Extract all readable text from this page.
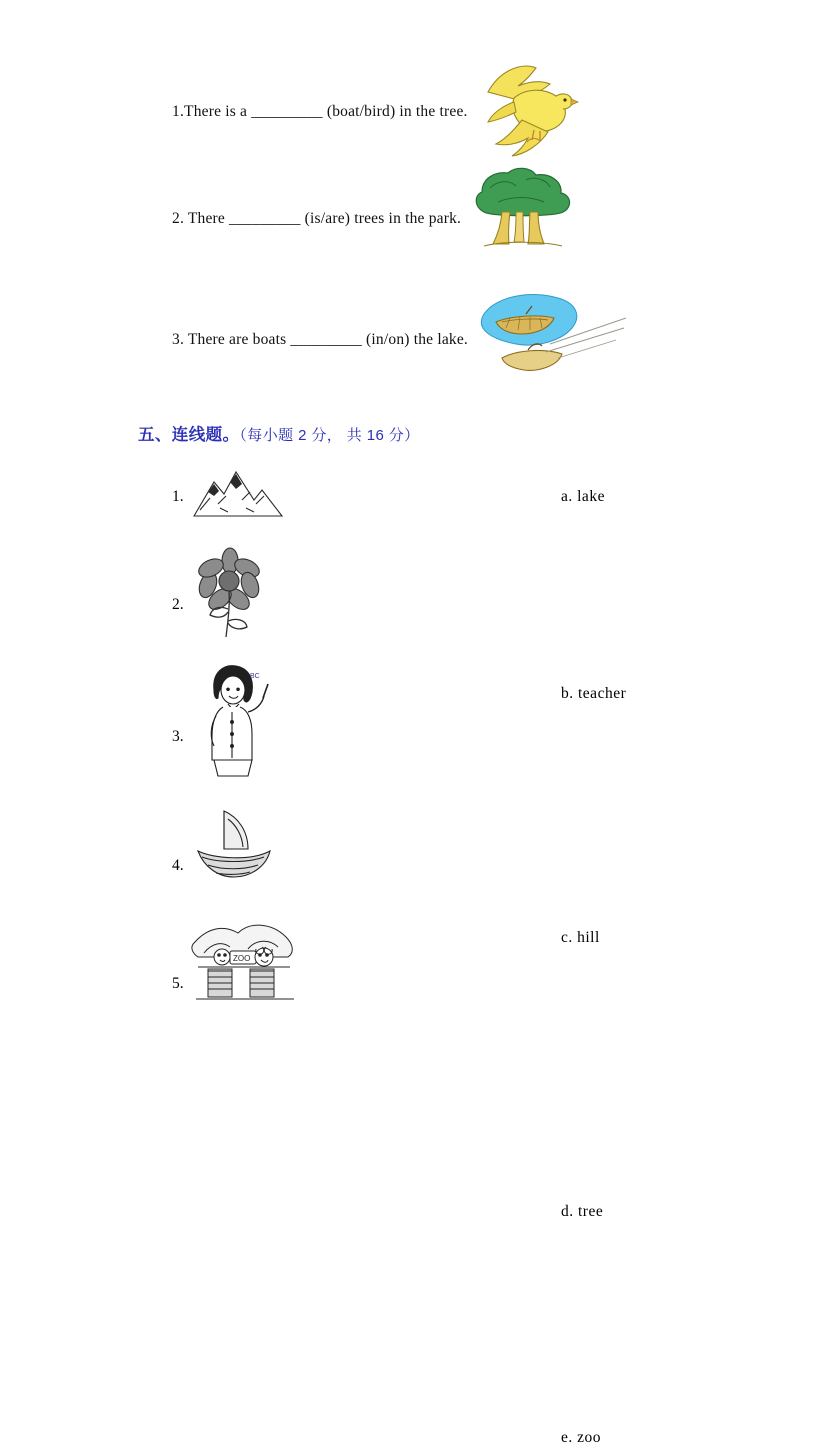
1.There is a _________ (boat/bird) in the tree.
2. There _________ (is/are) trees in the park.
3. There are boats _________ (in/on) the lake.
五、连线题。（每小题 2 分， 共 16 分）
1.	a. lake
2.
b. teacher
3.
BC
c. hill
4.
d. tree
5.
ZOO
e. zoo
